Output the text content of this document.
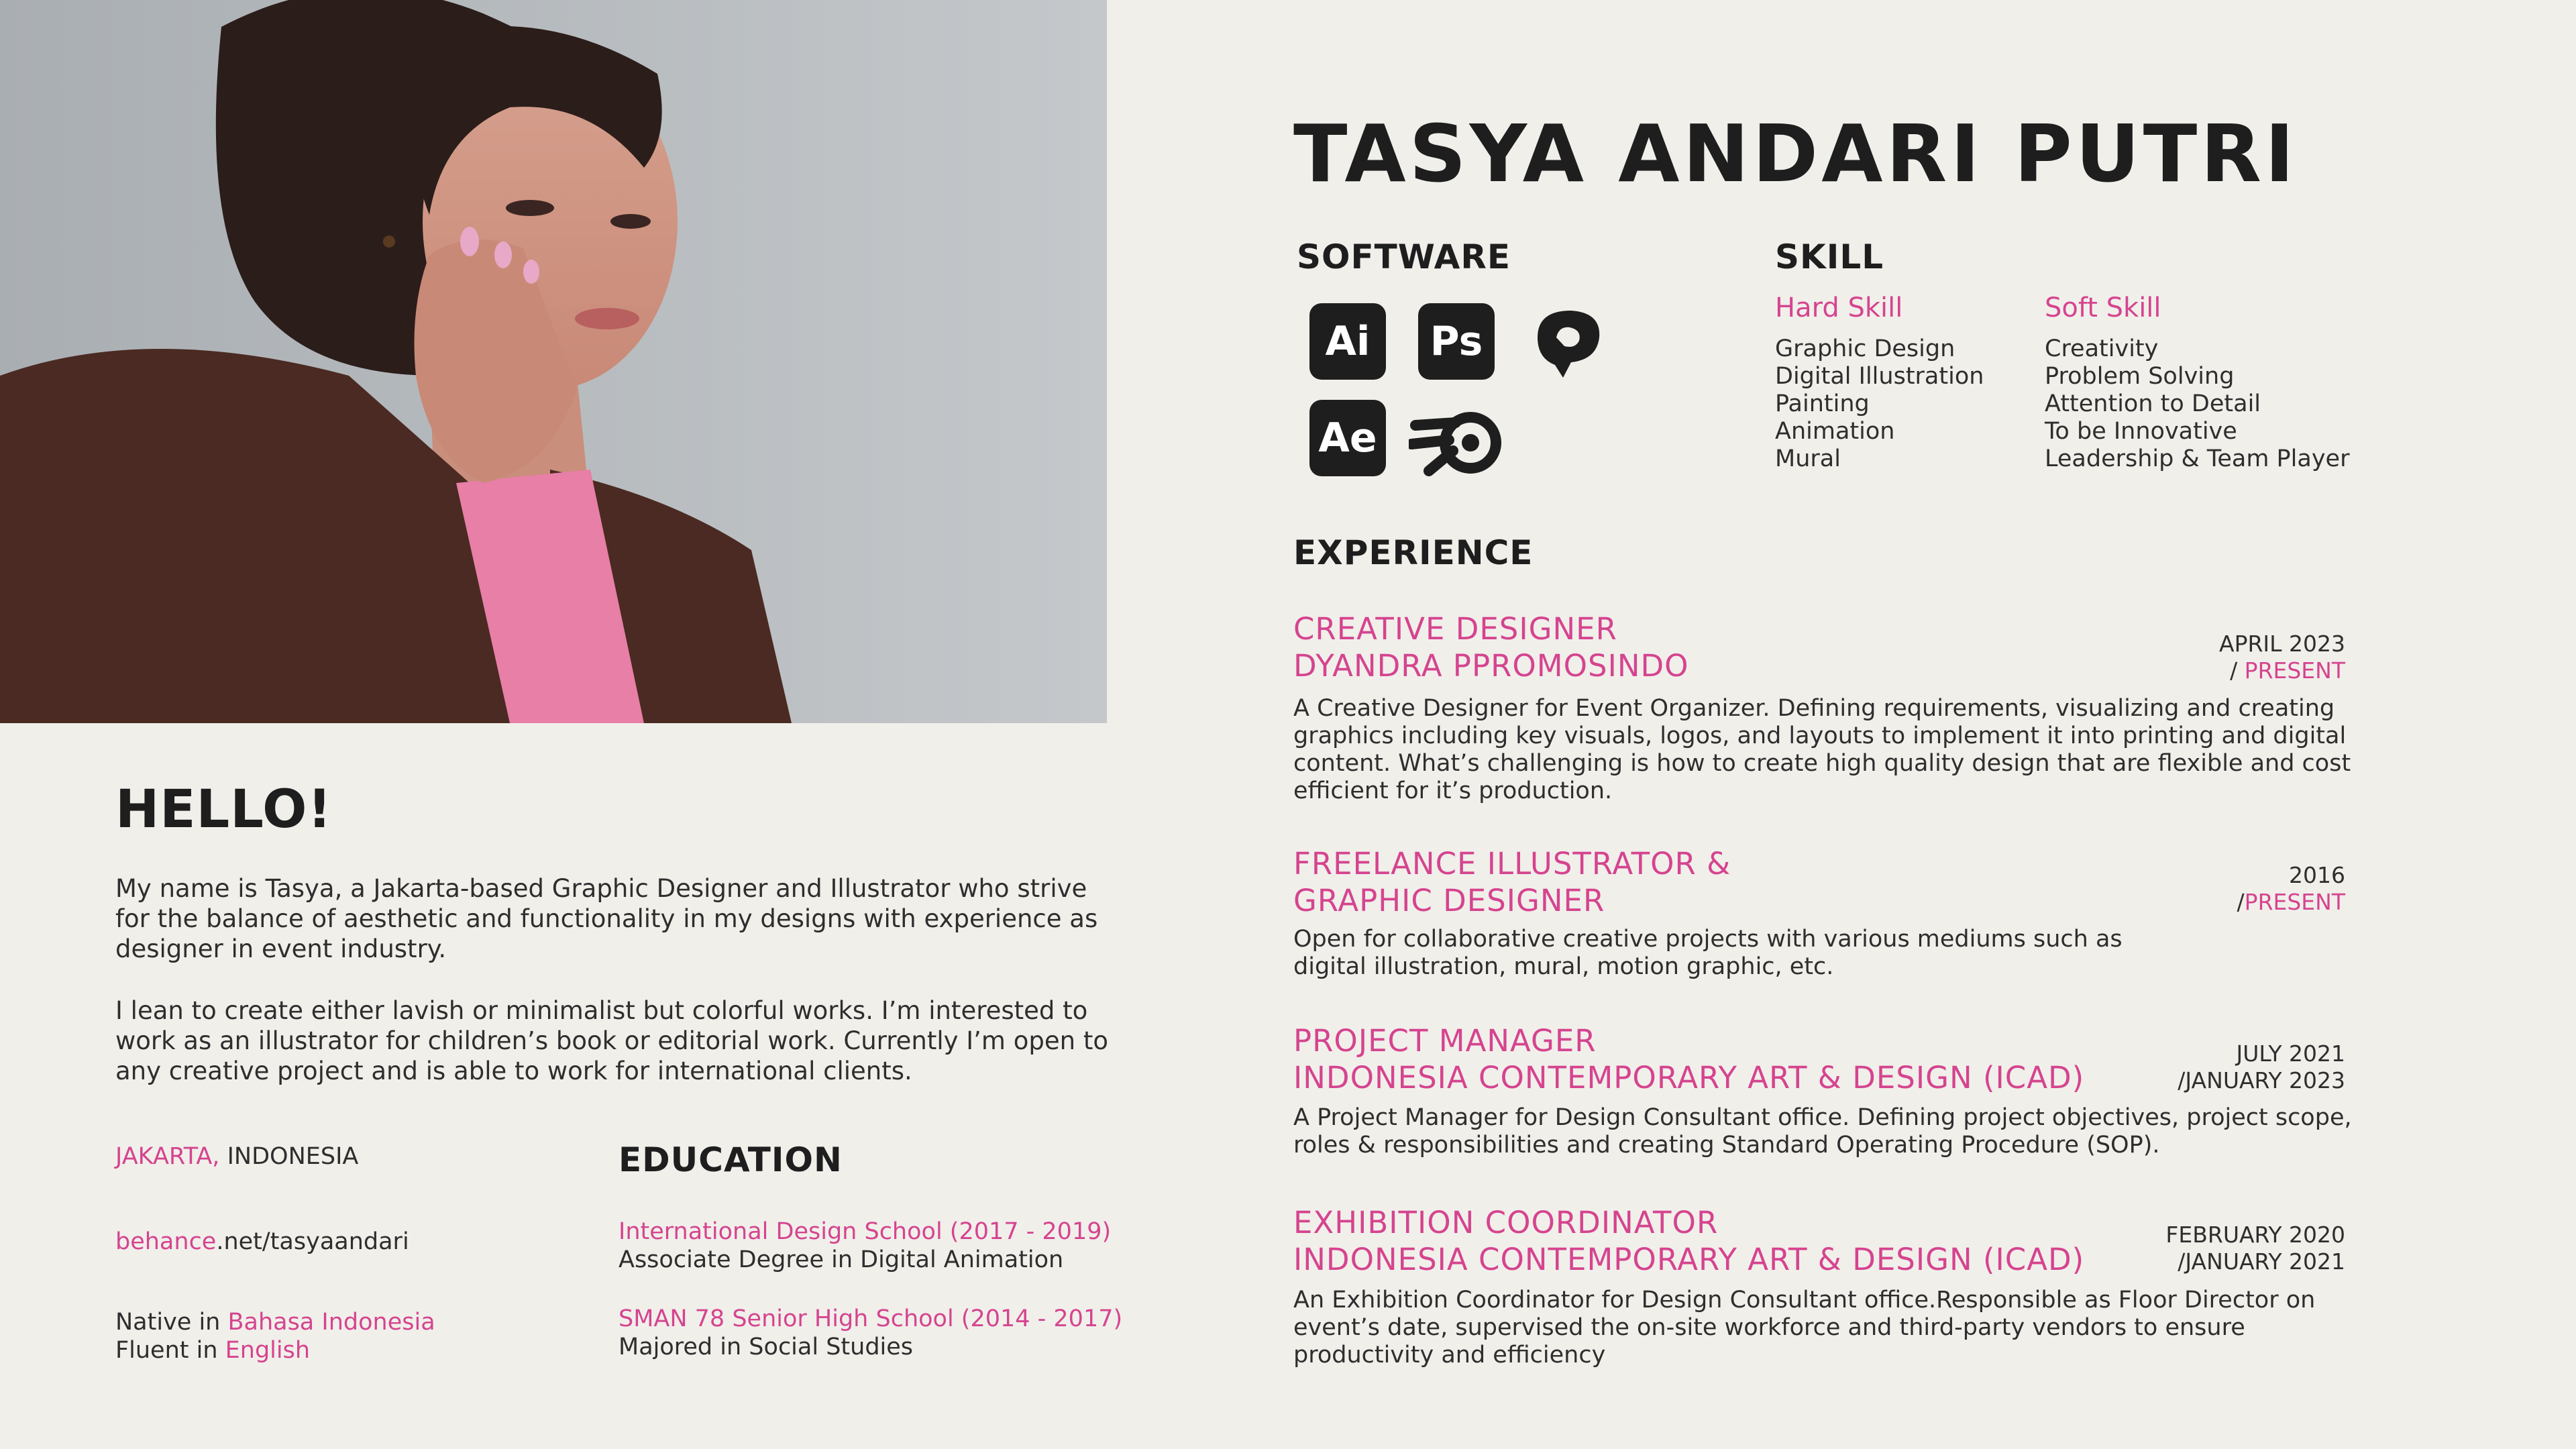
HELLO!
My name is Tasya, a Jakarta-based Graphic Designer and Illustrator who strive for the balance of aesthetic and functionality in my designs with experience as designer in event industry.
I lean to create either lavish or minimalist but colorful works. I’m interested to work as an illustrator for children’s book or editorial work. Currently I’m open to any creative project and is able to work for international clients.
JAKARTA, INDONESIA
behance.net/tasyaandari
Native in Bahasa Indonesia
Fluent in English
EDUCATION
International Design School (2017 - 2019)
Associate Degree in Digital Animation
SMAN 78 Senior High School (2014 - 2017)
Majored in Social Studies
TASYA ANDARI PUTRI
SOFTWARE
Ai	Ps
Ae
SKILL
Hard Skill
Graphic Design
Digital Illustration
Painting
Animation
Mural
Soft Skill
Creativity
Problem Solving
Attention to Detail
To be Innovative
Leadership & Team Player
EXPERIENCE
CREATIVE DESIGNER
DYANDRA PPROMOSINDO
APRIL 2023
/ PRESENT
A Creative Designer for Event Organizer. Defining requirements, visualizing and creating graphics including key visuals, logos, and layouts to implement it into printing and digital content. What’s challenging is how to create high quality design that are flexible and cost efficient for it’s production.
FREELANCE ILLUSTRATOR &
GRAPHIC DESIGNER
2016
/PRESENT
Open for collaborative creative projects with various mediums such as digital illustration, mural, motion graphic, etc.
PROJECT MANAGER
INDONESIA CONTEMPORARY ART & DESIGN (ICAD)
JULY 2021
/JANUARY 2023
A Project Manager for Design Consultant office. Defining project objectives, project scope, roles & responsibilities and creating Standard Operating Procedure (SOP).
EXHIBITION COORDINATOR
INDONESIA CONTEMPORARY ART & DESIGN (ICAD)
FEBRUARY 2020
/JANUARY 2021
An Exhibition Coordinator for Design Consultant office.Responsible as Floor Director on event’s date, supervised the on-site workforce and third-party vendors to ensure productivity and efficiency
